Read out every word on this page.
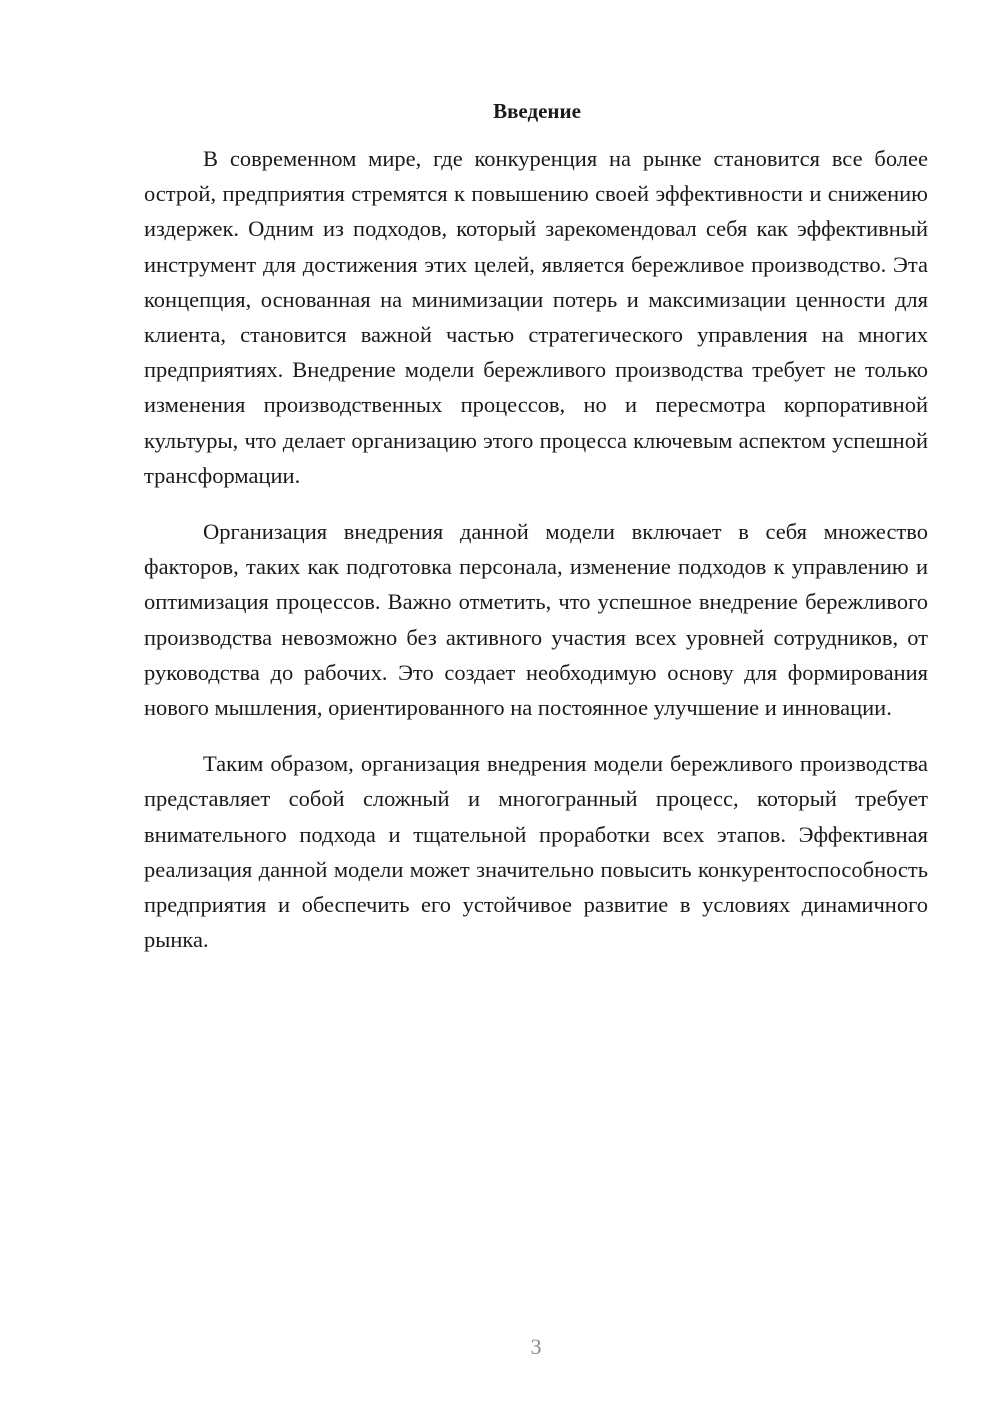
Введение

В современном мире, где конкуренция на рынке становится все более острой, предприятия стремятся к повышению своей эффективности и снижению издержек. Одним из подходов, который зарекомендовал себя как эффективный инструмент для достижения этих целей, является бережливое производство. Эта концепция, основанная на минимизации потерь и максимизации ценности для клиента, становится важной частью стратегического управления на многих предприятиях. Внедрение модели бережливого производства требует не только изменения производственных процессов, но и пересмотра корпоративной культуры, что делает организацию этого процесса ключевым аспектом успешной трансформации.

Организация внедрения данной модели включает в себя множество факторов, таких как подготовка персонала, изменение подходов к управлению и оптимизация процессов. Важно отметить, что успешное внедрение бережливого производства невозможно без активного участия всех уровней сотрудников, от руководства до рабочих. Это создает необходимую основу для формирования нового мышления, ориентированного на постоянное улучшение и инновации.

Таким образом, организация внедрения модели бережливого производства представляет собой сложный и многогранный процесс, который требует внимательного подхода и тщательной проработки всех этапов. Эффективная реализация данной модели может значительно повысить конкурентоспособность предприятия и обеспечить его устойчивое развитие в условиях динамичного рынка.

3
